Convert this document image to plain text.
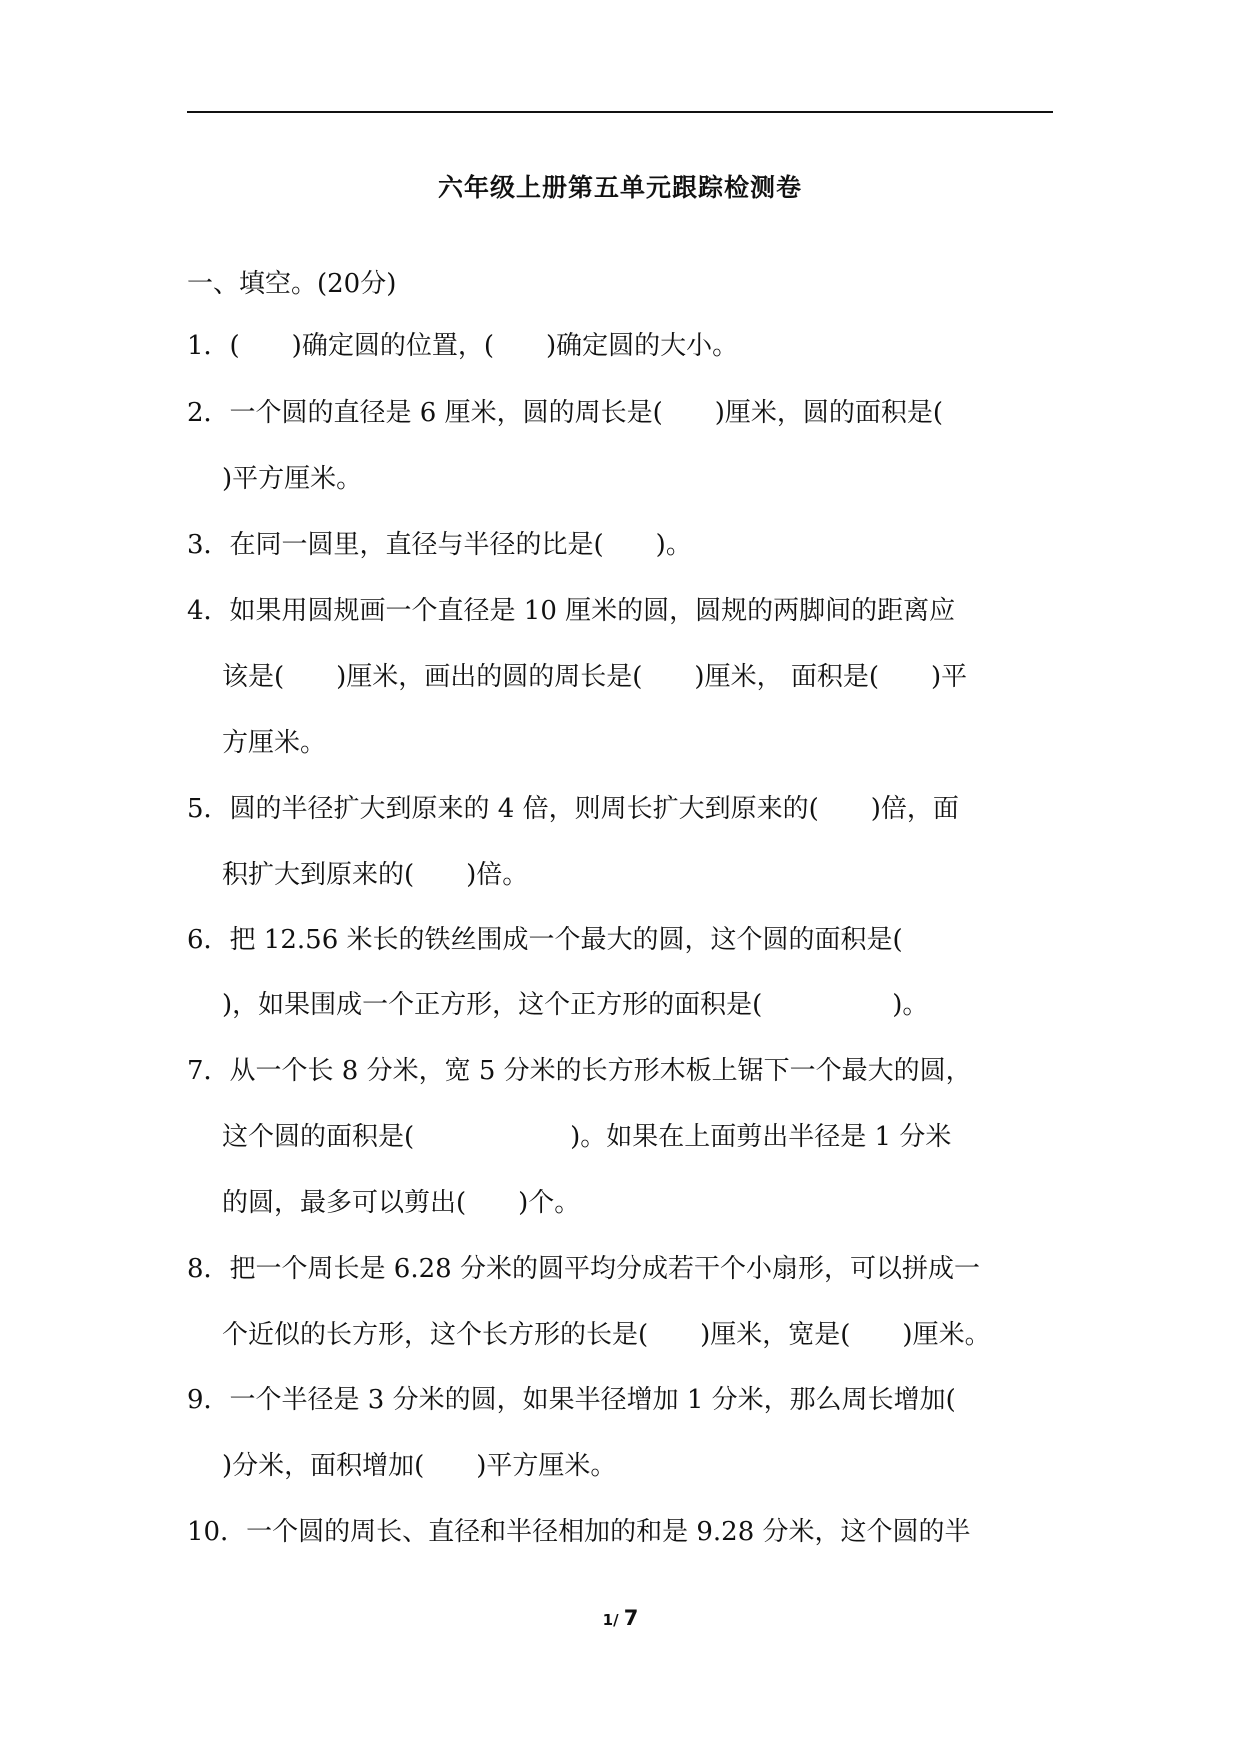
六年级上册第五单元跟踪检测卷
一、填空。(20分)
1．(　　)确定圆的位置，(　　)确定圆的大小。
2．一个圆的直径是 6 厘米，圆的周长是(　　)厘米，圆的面积是(
)平方厘米。
3．在同一圆里，直径与半径的比是(　　)。
4．如果用圆规画一个直径是 10 厘米的圆，圆规的两脚间的距离应
该是(　　)厘米，画出的圆的周长是(　　)厘米， 面积是(　　)平
方厘米。
5．圆的半径扩大到原来的 4 倍，则周长扩大到原来的(　　)倍，面
积扩大到原来的(　　)倍。
6．把 12.56 米长的铁丝围成一个最大的圆，这个圆的面积是(
)，如果围成一个正方形，这个正方形的面积是(　　　　　)。
7．从一个长 8 分米，宽 5 分米的长方形木板上锯下一个最大的圆，
这个圆的面积是(　　　　　　)。如果在上面剪出半径是 1 分米
的圆，最多可以剪出(　　)个。
8．把一个周长是 6.28 分米的圆平均分成若干个小扇形，可以拼成一
个近似的长方形，这个长方形的长是(　　)厘米，宽是(　　)厘米。
9．一个半径是 3 分米的圆，如果半径增加 1 分米，那么周长增加(
)分米，面积增加(　　)平方厘米。
10．一个圆的周长、直径和半径相加的和是 9.28 分米，这个圆的半
1/ 7
